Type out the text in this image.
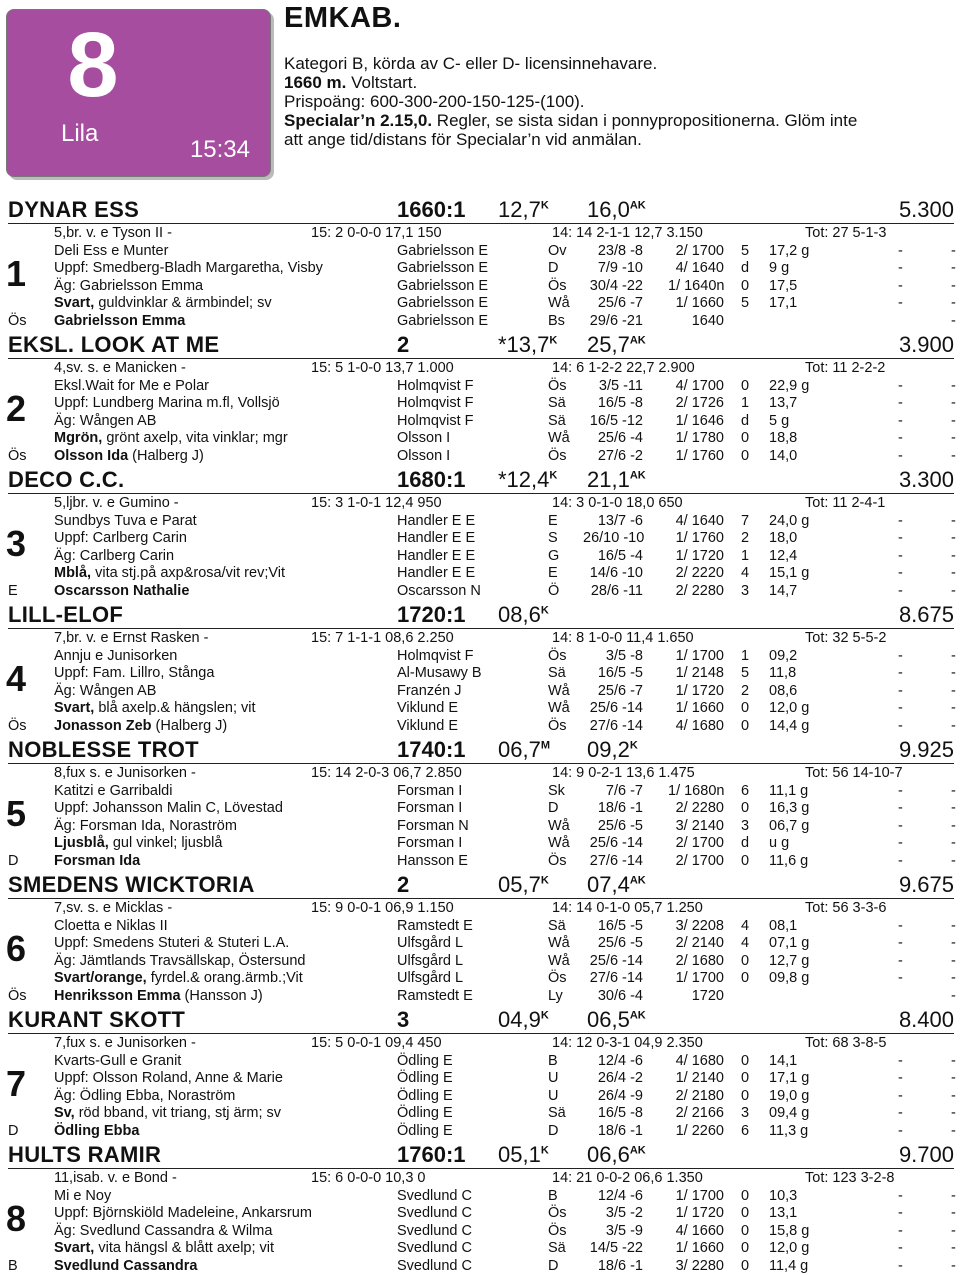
8
Lila
15:34
EMKAB.
Kategori B, körda av C- eller D- licensinnehavare.
1660 m. Voltstart.
Prispoäng: 600-300-200-150-125-(100).
Specialar’n 2.15,0. Regler, se sista sidan i ponnypropositionerna. Glöm inte
att ange tid/distans för Specialar’n vid anmälan.
DYNAR ESS	1660:1 $12,7^K$ $16,0^{AK}$	5.300
5,br. v. e Tyson II -	15: 2 0-0-0 17,1 150	14: 14 2-1-1 12,7 3.150	Tot: 27 5-1-3
Deli Ess e Munter	Gabrielsson E	Ov	23/8 -8	2/ 1700 5 17,2 g	-	-
Uppf: Smedberg-Bladh Margaretha, Visby	Gabrielsson E	D	7/9 -10	4/ 1640 d 9 g	-	-
Äg: Gabrielsson Emma	Gabrielsson E	Ös	30/4 -22 1/ 1640n 0 17,5	-	-
Svart, guldvinklar & ärmbindel; sv	Gabrielsson E	Wå	25/6 -7	1/ 1660 5 17,1	-	-
Gabrielsson Emma	Gabrielsson E	Bs	29/6 -21	1640	-
Ös
1
EKSL. LOOK AT ME	2	$*13,7^K$ $25,7^{AK}$	3.900
4,sv. s. e Manicken -	15: 5 1-0-0 13,7 1.000	14: 6 1-2-2 22,7 2.900	Tot: 11 2-2-2
Eksl.Wait for Me e Polar	Holmqvist F	Ös	3/5 -11	4/ 1700 0 22,9 g	-	-
Uppf: Lundberg Marina m.fl, Vollsjö	Holmqvist F	Sä	16/5 -8	2/ 1726 1 13,7	-	-
Äg: Wången AB	Holmqvist F	Sä	16/5 -12	1/ 1646 d 5 g	-	-
Mgrön, grönt axelp, vita vinklar; mgr	Olsson I	Wå	25/6 -4	1/ 1780 0 18,8	-	-
Olsson Ida (Halberg J)	Olsson I	Ös	27/6 -2	1/ 1760 0 14,0	-	-
Ös
2
DECO C.C.	1680:1 $*12,4^K$ $21,1^{AK}$	3.300
5,ljbr. v. e Gumino -	15: 3 1-0-1 12,4 950	14: 3 0-1-0 18,0 650	Tot: 11 2-4-1
Sundbys Tuva e Parat	Handler E E	E	13/7 -6	4/ 1640 7 24,0 g	-	-
Uppf: Carlberg Carin	Handler E E	S 26/10 -10	1/ 1760 2 18,0	-	-
Äg: Carlberg Carin	Handler E E	G	16/5 -4	1/ 1720 1 12,4	-	-
Mblå, vita stj.på axp&rosa/vit rev;Vit	Handler E E	E	14/6 -10	2/ 2220 4 15,1 g	-	-
Oscarsson Nathalie	Oscarsson N	Ö	28/6 -11	2/ 2280 3 14,7	-	-
E
3
LILL-ELOF	1720:1 $08,6^K$	8.675
7,br. v. e Ernst Rasken -	15: 7 1-1-1 08,6 2.250	14: 8 1-0-0 11,4 1.650	Tot: 32 5-5-2
Annju e Junisorken	Holmqvist F	Ös	3/5 -8	1/ 1700 1 09,2	-	-
Uppf: Fam. Lillro, Stånga	Al-Musawy B	Sä	16/5 -5	1/ 2148 5 11,8	-	-
Äg: Wången AB	Franzén J	Wå	25/6 -7	1/ 1720 2 08,6	-	-
Svart, blå axelp.& hängslen; vit	Viklund E	Wå	25/6 -14	1/ 1660 0 12,0 g	-	-
Jonasson Zeb (Halberg J)	Viklund E	Ös	27/6 -14	4/ 1680 0 14,4 g	-	-
Ös
4
NOBLESSE TROT	1740:1 $06,7^M$ $09,2^K$	9.925
8,fux s. e Junisorken -	15: 14 2-0-3 06,7 2.850	14: 9 0-2-1 13,6 1.475	Tot: 56 14-10-7
Katitzi e Garribaldi	Forsman I	Sk	7/6 -7 1/ 1680n 6 11,1 g	-	-
Uppf: Johansson Malin C, Lövestad	Forsman I	D	18/6 -1	2/ 2280 0 16,3 g	-	-
Äg: Forsman Ida, Noraström	Forsman N	Wå	25/6 -5	3/ 2140 3 06,7 g	-	-
Ljusblå, gul vinkel; ljusblå	Forsman I	Wå	25/6 -14	2/ 1700 d u g	-	-
Forsman Ida	Hansson E	Ös	27/6 -14	2/ 1700 0 11,6 g	-	-
D
5
SMEDENS WICKTORIA	2	$05,7^K$ $07,4^{AK}$	9.675
7,sv. s. e Micklas -	15: 9 0-0-1 06,9 1.150	14: 14 0-1-0 05,7 1.250	Tot: 56 3-3-6
Cloetta e Niklas II	Ramstedt E	Sä	16/5 -5	3/ 2208 4 08,1	-	-
Uppf: Smedens Stuteri & Stuteri L.A.	Ulfsgård L	Wå	25/6 -5	2/ 2140 4 07,1 g	-	-
Äg: Jämtlands Travsällskap, Östersund	Ulfsgård L	Wå	25/6 -14	2/ 1680 0 12,7 g	-	-
Svart/orange, fyrdel.& orang.ärmb.;Vit	Ulfsgård L	Ös	27/6 -14	1/ 1700 0 09,8 g	-	-
Henriksson Emma (Hansson J)	Ramstedt E	Ly	30/6 -4	1720	-
Ös
6
KURANT SKOTT	3	$04,9^K$ $06,5^{AK}$	8.400
7,fux s. e Junisorken -	15: 5 0-0-1 09,4 450	14: 12 0-3-1 04,9 2.350	Tot: 68 3-8-5
Kvarts-Gull e Granit	Ödling E	B	12/4 -6	4/ 1680 0 14,1	-	-
Uppf: Olsson Roland, Anne & Marie	Ödling E	U	26/4 -2	1/ 2140 0 17,1 g	-	-
Äg: Ödling Ebba, Noraström	Ödling E	U	26/4 -9	2/ 2180 0 19,0 g	-	-
Sv, röd bband, vit triang, stj ärm; sv	Ödling E	Sä	16/5 -8	2/ 2166 3 09,4 g	-	-
Ödling Ebba	Ödling E	D	18/6 -1	1/ 2260 6 11,3 g	-	-
D
7
HULTS RAMIR	1760:1 $05,1^K$ $06,6^{AK}$	9.700
11,isab. v. e Bond -	15: 6 0-0-0 10,3 0	14: 21 0-0-2 06,6 1.350	Tot: 123 3-2-8
Mi e Noy	Svedlund C	B	12/4 -6	1/ 1700 0 10,3	-	-
Uppf: Björnskiöld Madeleine, Ankarsrum	Svedlund C	Ös	3/5 -2	1/ 1720 0 13,1	-	-
Äg: Svedlund Cassandra & Wilma	Svedlund C	Ös	3/5 -9	4/ 1660 0 15,8 g	-	-
Svart, vita hängsl & blått axelp; vit	Svedlund C	Sä	14/5 -22	1/ 1660 0 12,0 g	-	-
Svedlund Cassandra	Svedlund C	D	18/6 -1	3/ 2280 0 11,4 g	-	-
B
8
